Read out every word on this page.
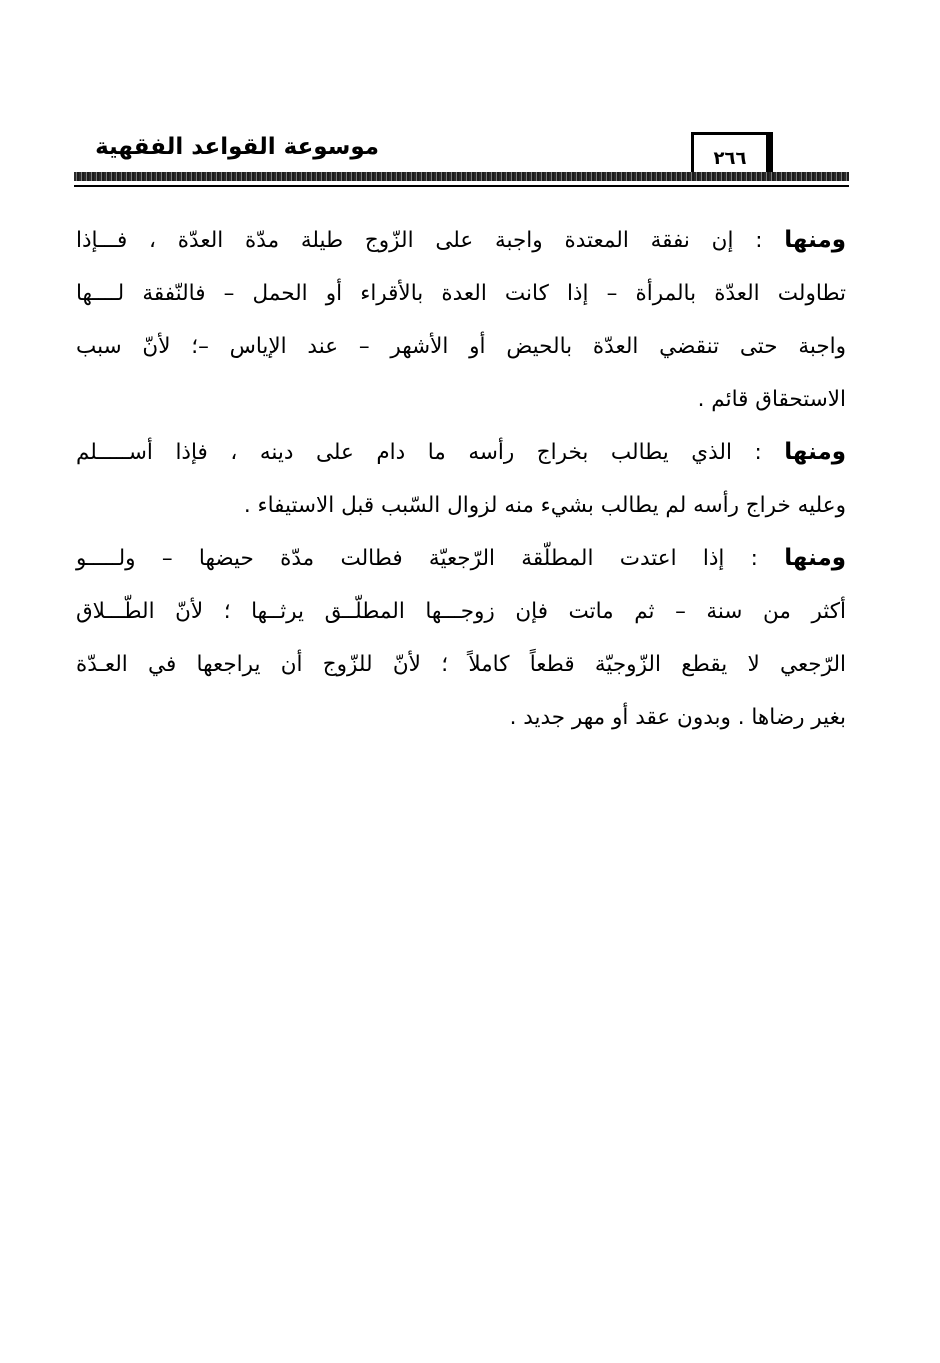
موسوعة القواعد الفقهية	٢٦٦

ومنها : إن نفقة المعتدة واجبة على الزّوج طيلة مدّة العدّة ، فـــإذا
تطاولت العدّة بالمرأة – إذا كانت العدة بالأقراء أو الحمل – فالنّفقة لــــها
واجبة حتى تنقضي العدّة بالحيض أو الأشهر – عند الإياس –؛ لأنّ سبب
الاستحقاق قائم .

ومنها : الذي يطالب بخراج رأسه ما دام على دينه ، فإذا أســـــلم
وعليه خراج رأسه لم يطالب بشيء منه لزوال السّبب قبل الاستيفاء .

ومنها : إذا اعتدت المطلّقة الرّجعيّة فطالت مدّة حيضها – ولـــــو
أكثر من سنة – ثم ماتت فإن زوجـــها المطلّــق يرثــها ؛ لأنّ الطّـــلاق
الرّجعي لا يقطع الزّوجيّة قطعاً كاملاً ؛ لأنّ للزّوج أن يراجعها في العـدّة
بغير رضاها . وبدون عقد أو مهر جديد .
